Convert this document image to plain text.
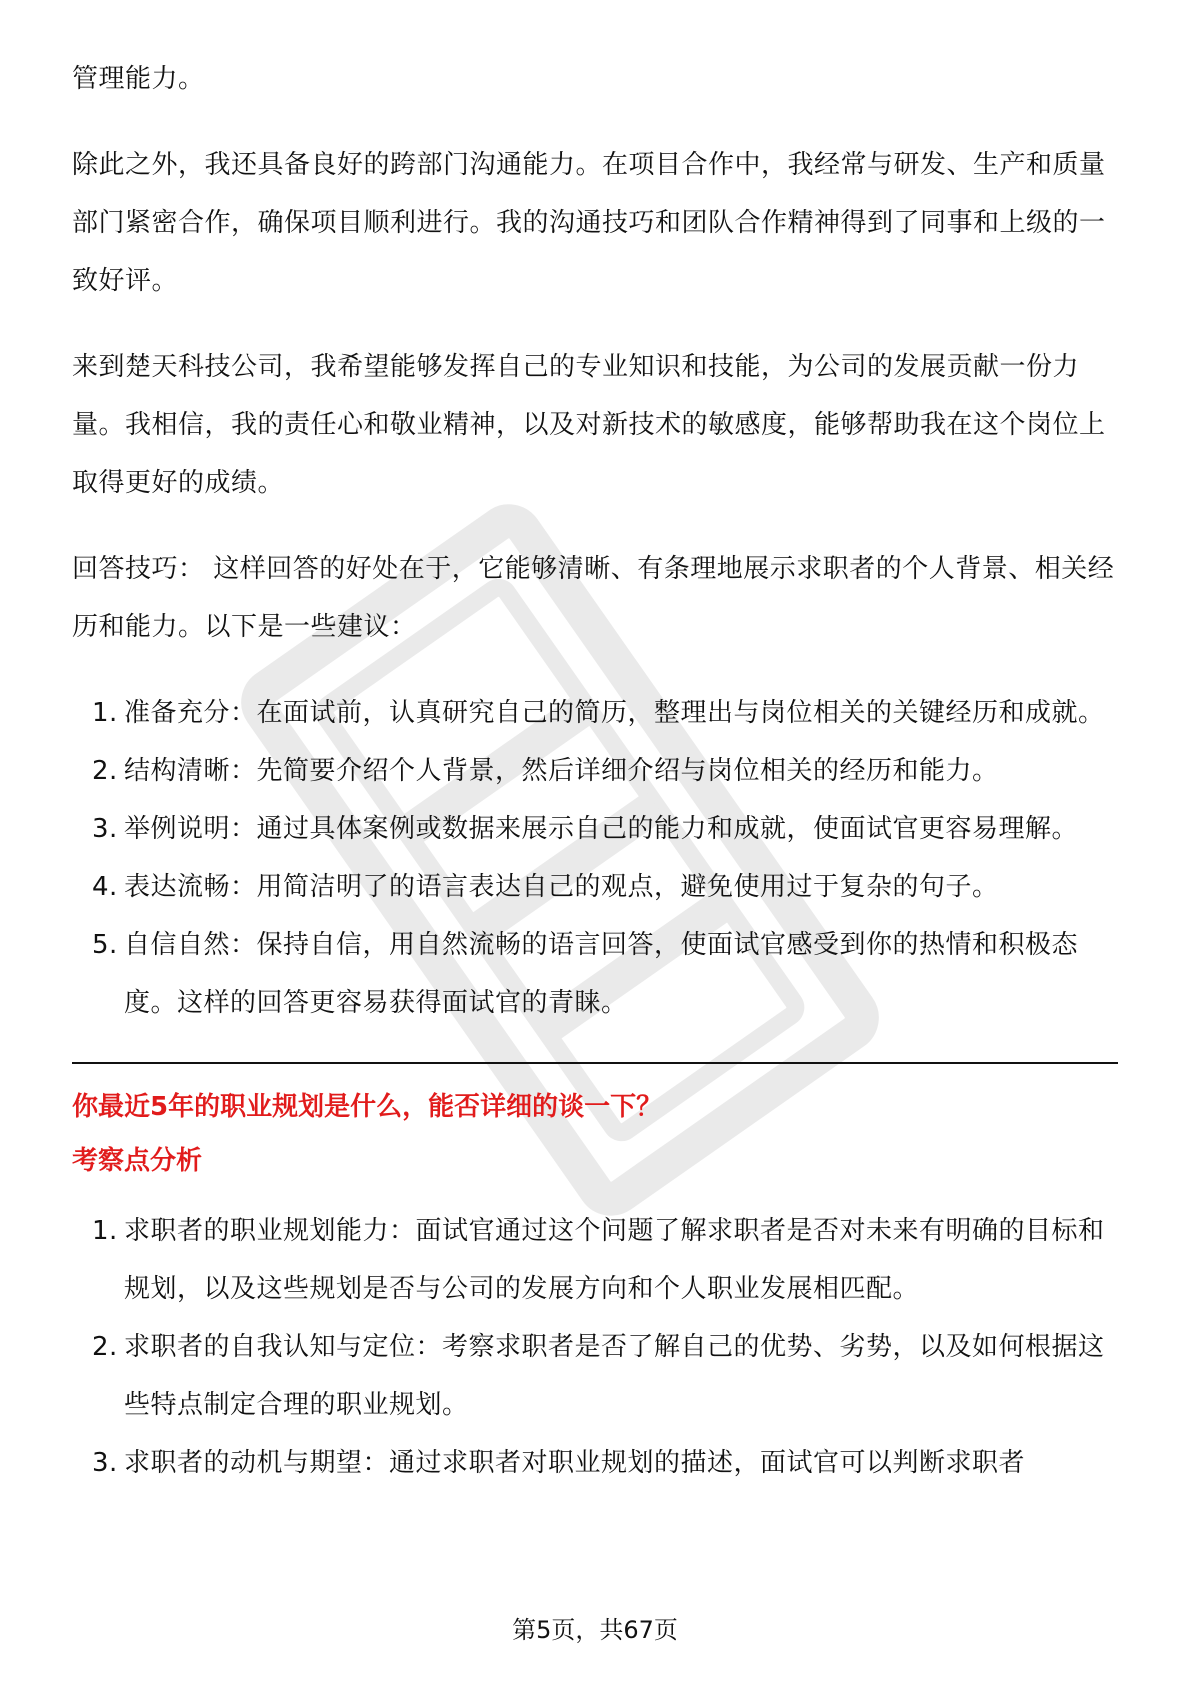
管理能力。

除此之外，我还具备良好的跨部门沟通能力。在项目合作中，我经常与研发、生产和质量部门紧密合作，确保项目顺利进行。我的沟通技巧和团队合作精神得到了同事和上级的一致好评。

来到楚天科技公司，我希望能够发挥自己的专业知识和技能，为公司的发展贡献一份力量。我相信，我的责任心和敬业精神，以及对新技术的敏感度，能够帮助我在这个岗位上取得更好的成绩。

回答技巧： 这样回答的好处在于，它能够清晰、有条理地展示求职者的个人背景、相关经历和能力。以下是一些建议：

1. 准备充分：在面试前，认真研究自己的简历，整理出与岗位相关的关键经历和成就。
2. 结构清晰：先简要介绍个人背景，然后详细介绍与岗位相关的经历和能力。
3. 举例说明：通过具体案例或数据来展示自己的能力和成就，使面试官更容易理解。
4. 表达流畅：用简洁明了的语言表达自己的观点，避免使用过于复杂的句子。
5. 自信自然：保持自信，用自然流畅的语言回答，使面试官感受到你的热情和积极态度。这样的回答更容易获得面试官的青睐。

你最近5年的职业规划是什么，能否详细的谈一下？

考察点分析

1. 求职者的职业规划能力：面试官通过这个问题了解求职者是否对未来有明确的目标和规划，以及这些规划是否与公司的发展方向和个人职业发展相匹配。
2. 求职者的自我认知与定位：考察求职者是否了解自己的优势、劣势，以及如何根据这些特点制定合理的职业规划。
3. 求职者的动机与期望：通过求职者对职业规划的描述，面试官可以判断求职者
第5页，共67页
